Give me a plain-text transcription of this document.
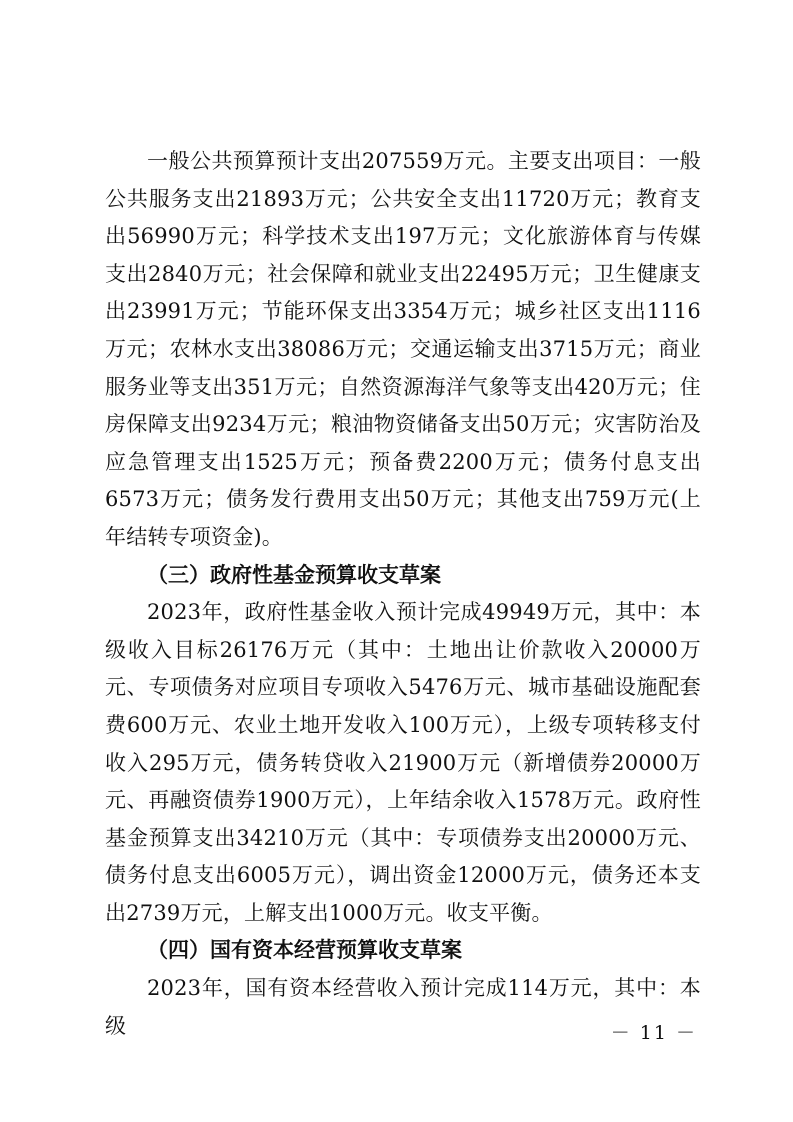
一般公共预算预计支出207559万元。主要支出项目：一般公共服务支出21893万元；公共安全支出11720万元；教育支出56990万元；科学技术支出197万元；文化旅游体育与传媒支出2840万元；社会保障和就业支出22495万元；卫生健康支出23991万元；节能环保支出3354万元；城乡社区支出1116万元；农林水支出38086万元；交通运输支出3715万元；商业服务业等支出351万元；自然资源海洋气象等支出420万元；住房保障支出9234万元；粮油物资储备支出50万元；灾害防治及应急管理支出1525万元；预备费2200万元；债务付息支出6573万元；债务发行费用支出50万元；其他支出759万元(上年结转专项资金)。

（三）政府性基金预算收支草案

2023年，政府性基金收入预计完成49949万元，其中：本级收入目标26176万元（其中：土地出让价款收入20000万元、专项债务对应项目专项收入5476万元、城市基础设施配套费600万元、农业土地开发收入100万元），上级专项转移支付收入295万元，债务转贷收入21900万元（新增债券20000万元、再融资债券1900万元），上年结余收入1578万元。政府性基金预算支出34210万元（其中：专项债券支出20000万元、债务付息支出6005万元），调出资金12000万元，债务还本支出2739万元，上解支出1000万元。收支平衡。

（四）国有资本经营预算收支草案

2023年，国有资本经营收入预计完成114万元，其中：本级	－ 11 －
